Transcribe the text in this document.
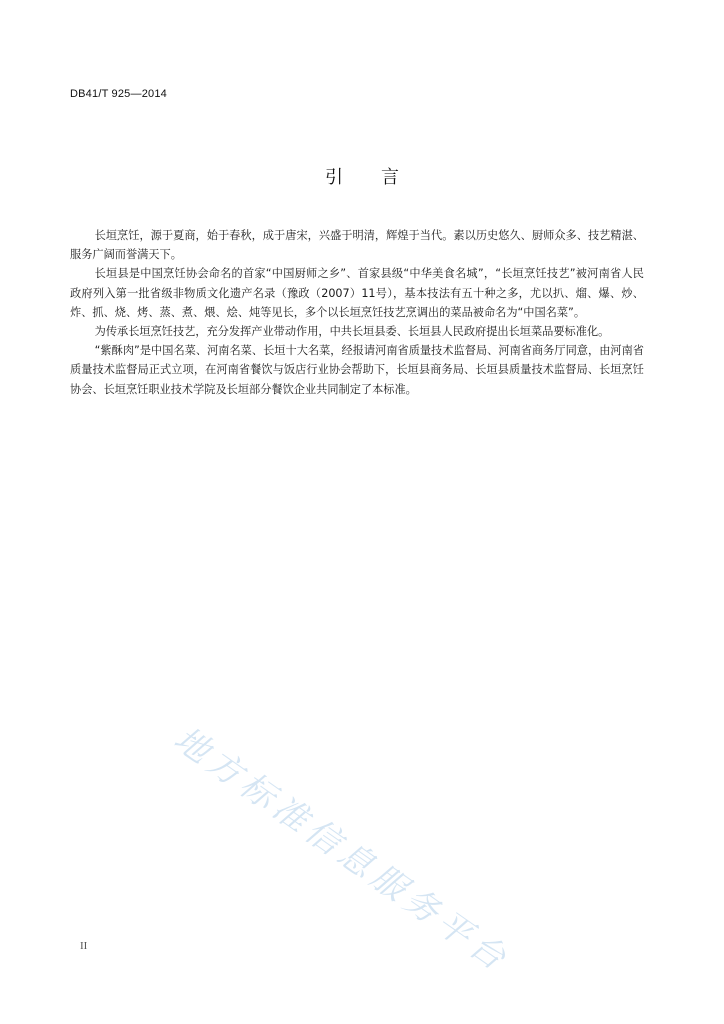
DB41/T 925—2014
引 言

长垣烹饪，源于夏商，始于春秋，成于唐宋，兴盛于明清，辉煌于当代。素以历史悠久、厨师众多、技艺精湛、服务广阔而誉满天下。

长垣县是中国烹饪协会命名的首家“中国厨师之乡”、首家县级“中华美食名城”，“长垣烹饪技艺”被河南省人民政府列入第一批省级非物质文化遗产名录（豫政（2007）11号），基本技法有五十种之多，尤以扒、熘、爆、炒、炸、抓、烧、烤、蒸、煮、煨、烩、炖等见长，多个以长垣烹饪技艺烹调出的菜品被命名为“中国名菜”。

为传承长垣烹饪技艺，充分发挥产业带动作用，中共长垣县委、长垣县人民政府提出长垣菜品要标准化。

“紫酥肉”是中国名菜、河南名菜、长垣十大名菜，经报请河南省质量技术监督局、河南省商务厅同意，由河南省质量技术监督局正式立项，在河南省餐饮与饭店行业协会帮助下，长垣县商务局、长垣县质量技术监督局、长垣烹饪协会、长垣烹饪职业技术学院及长垣部分餐饮企业共同制定了本标准。

地方标准信息服务平台
II
